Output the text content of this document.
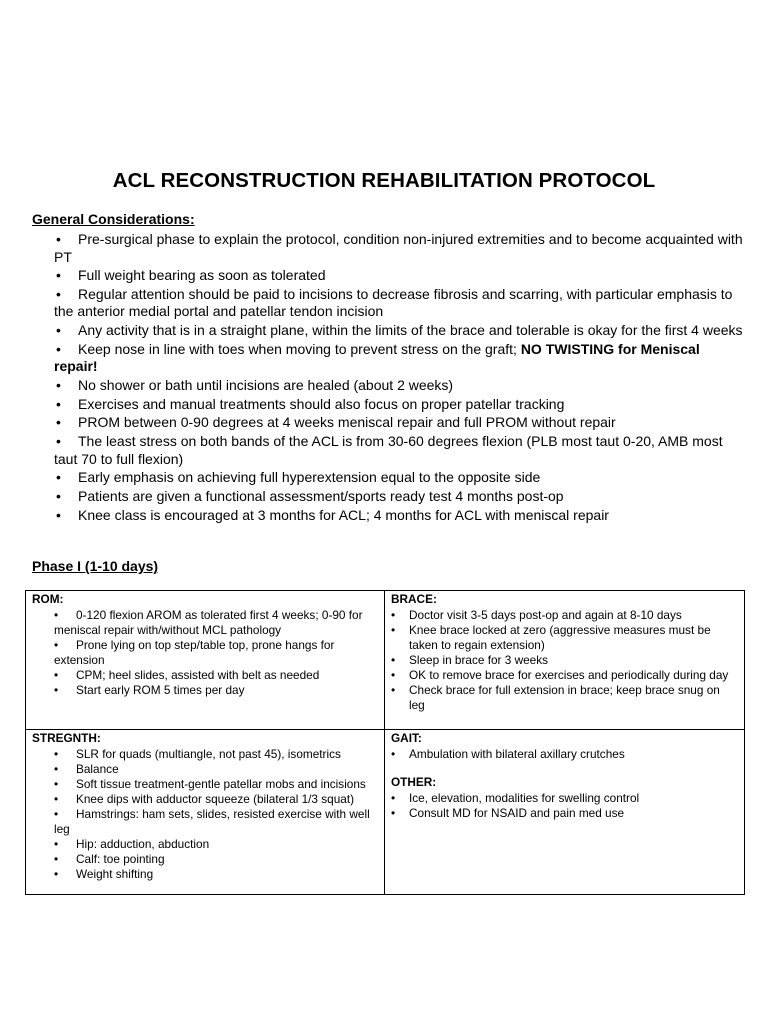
ACL RECONSTRUCTION REHABILITATION PROTOCOL
General Considerations:
• Pre-surgical phase to explain the protocol, condition non-injured extremities and to become acquainted with PT
• Full weight bearing as soon as tolerated
• Regular attention should be paid to incisions to decrease fibrosis and scarring, with particular emphasis to the anterior medial portal and patellar tendon incision
• Any activity that is in a straight plane, within the limits of the brace and tolerable is okay for the first 4 weeks
• Keep nose in line with toes when moving to prevent stress on the graft; NO TWISTING for Meniscal repair!
• No shower or bath until incisions are healed (about 2 weeks)
• Exercises and manual treatments should also focus on proper patellar tracking
• PROM between 0-90 degrees at 4 weeks meniscal repair and full PROM without repair
• The least stress on both bands of the ACL is from 30-60 degrees flexion (PLB most taut 0-20, AMB most taut 70 to full flexion)
• Early emphasis on achieving full hyperextension equal to the opposite side
• Patients are given a functional assessment/sports ready test 4 months post-op
• Knee class is encouraged at 3 months for ACL; 4 months for ACL with meniscal repair
Phase I (1-10 days)
ROM:
• 0-120 flexion AROM as tolerated first 4 weeks; 0-90 for meniscal repair with/without MCL pathology
• Prone lying on top step/table top, prone hangs for extension
• CPM; heel slides, assisted with belt as needed
• Start early ROM 5 times per day
BRACE:
• Doctor visit 3-5 days post-op and again at 8-10 days
• Knee brace locked at zero (aggressive measures must be taken to regain extension)
• Sleep in brace for 3 weeks
• OK to remove brace for exercises and periodically during day
• Check brace for full extension in brace; keep brace snug on leg
STREGNTH:
• SLR for quads (multiangle, not past 45), isometrics
• Balance
• Soft tissue treatment-gentle patellar mobs and incisions
• Knee dips with adductor squeeze (bilateral 1/3 squat)
• Hamstrings: ham sets, slides, resisted exercise with well leg
• Hip: adduction, abduction
• Calf: toe pointing
• Weight shifting
GAIT:
• Ambulation with bilateral axillary crutches
OTHER:
• Ice, elevation, modalities for swelling control
• Consult MD for NSAID and pain med use
